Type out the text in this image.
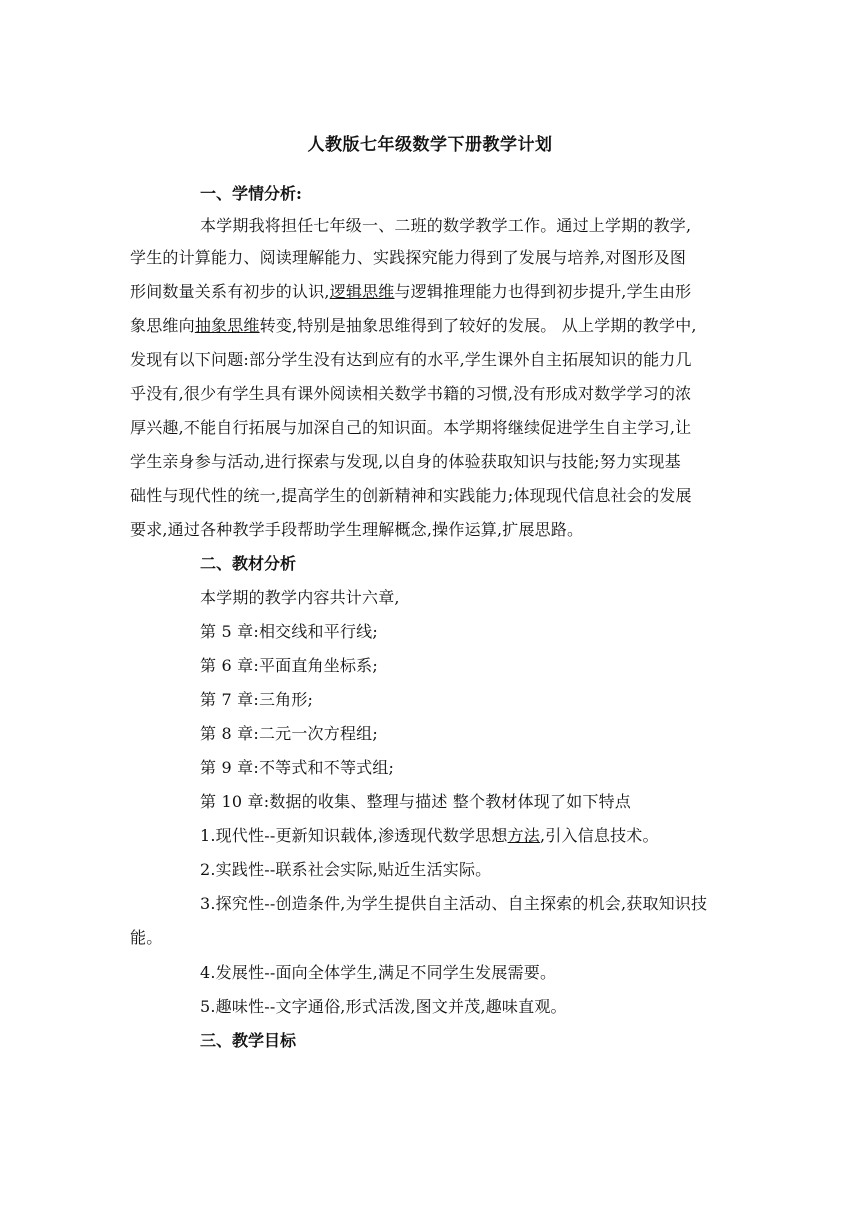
人教版七年级数学下册教学计划
一、学情分析:
本学期我将担任七年级一、二班的数学教学工作。通过上学期的教学,
学生的计算能力、阅读理解能力、实践探究能力得到了发展与培养,对图形及图
形间数量关系有初步的认识,逻辑思维与逻辑推理能力也得到初步提升,学生由形
象思维向抽象思维转变,特别是抽象思维得到了较好的发展。 从上学期的教学中,
发现有以下问题:部分学生没有达到应有的水平,学生课外自主拓展知识的能力几
乎没有,很少有学生具有课外阅读相关数学书籍的习惯,没有形成对数学学习的浓
厚兴趣,不能自行拓展与加深自己的知识面。本学期将继续促进学生自主学习,让
学生亲身参与活动,进行探索与发现,以自身的体验获取知识与技能;努力实现基
础性与现代性的统一,提高学生的创新精神和实践能力;体现现代信息社会的发展
要求,通过各种教学手段帮助学生理解概念,操作运算,扩展思路。
二、教材分析
本学期的教学内容共计六章,
第 5 章:相交线和平行线;
第 6 章:平面直角坐标系;
第 7 章:三角形;
第 8 章:二元一次方程组;
第 9 章:不等式和不等式组;
第 10 章:数据的收集、整理与描述 整个教材体现了如下特点
1.现代性--更新知识载体,渗透现代数学思想方法,引入信息技术。
2.实践性--联系社会实际,贴近生活实际。
3.探究性--创造条件,为学生提供自主活动、自主探索的机会,获取知识技
能。
4.发展性--面向全体学生,满足不同学生发展需要。
5.趣味性--文字通俗,形式活泼,图文并茂,趣味直观。
三、教学目标
